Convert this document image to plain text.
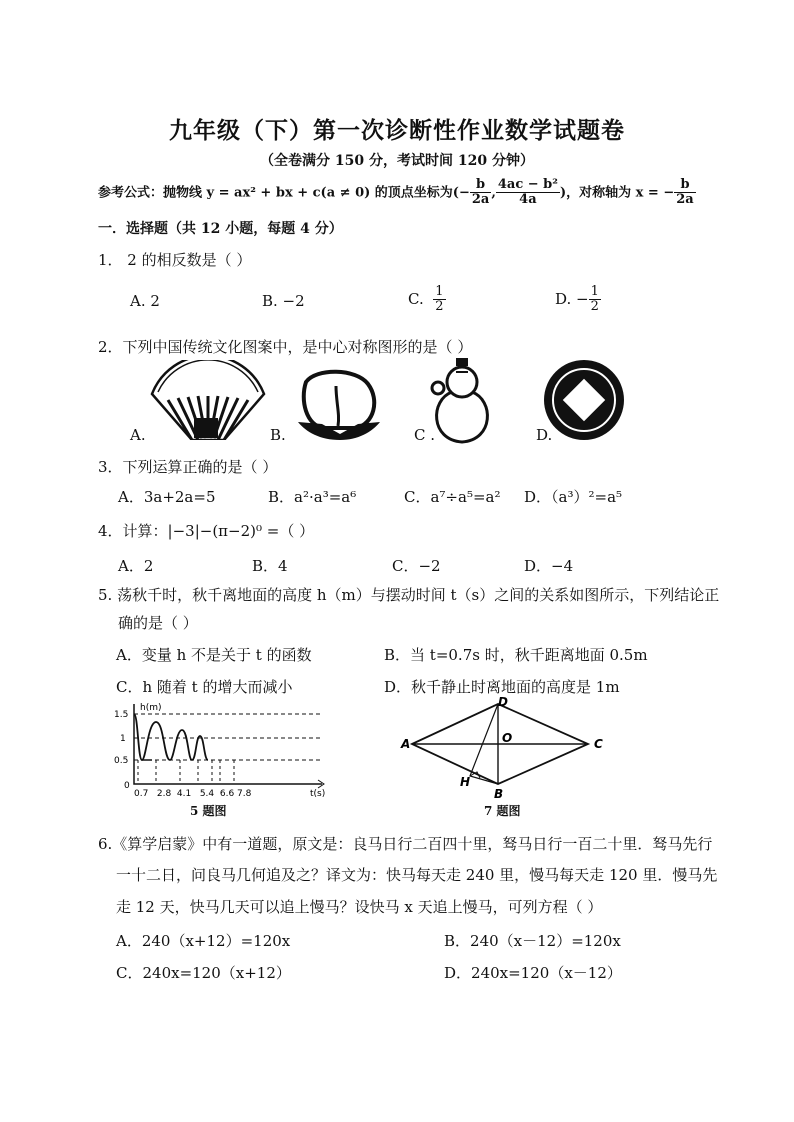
九年级（下）第一次诊断性作业数学试题卷
（全卷满分 150 分，考试时间 120 分钟）
参考公式：抛物线 y = ax² + bx + c(a ≠ 0) 的顶点坐标为(− $\frac{b}{2a}$ , $\frac{\text{4ac − b²}}{4a}$ )，对称轴为 x = − $\frac{b}{2a}$
一．选择题（共 12 小题，每题 4 分）
1． 2 的相反数是（ ）
A. 2	B. −2	C. $\frac{1}{2}$	D. − $\frac{1}{2}$
2．下列中国传统文化图案中，是中心对称图形的是（ ）
A.	B.	C .	D.
3．下列运算正确的是（ ）
A．3a+2a=5	B．a²·a³=a⁶	C．a⁷÷a⁵=a² D．（a³）²=a⁵
4．计算：|−3|−(π−2)⁰ =（ ）
A．2	B．4	C．−2	D．−4
5. 荡秋千时，秋千离地面的高度 h（m）与摆动时间 t（s）之间的关系如图所示，下列结论正
确的是（ ）
A．变量 h 不是关于 t 的函数	B．当 t=0.7s 时，秋千距离地面 0.5m
C．h 随着 t 的增大而减小	D．秋千静止时离地面的高度是 1m
h(m)
1.5
1
0.5
0
0.7   2.8  4.1   5.4  6.6 7.8	t(s)
5 题图
A
D
C
B
O
H
7 题图
6.《算学启蒙》中有一道题，原文是：良马日行二百四十里，驽马日行一百二十里．驽马先行
一十二日，问良马几何追及之？译文为：快马每天走 240 里，慢马每天走 120 里．慢马先
走 12 天，快马几天可以追上慢马？设快马 x 天追上慢马，可列方程（ ）
A．240（x+12）=120x	B．240（x－12）=120x
C．240x=120（x+12）	D．240x=120（x－12）
